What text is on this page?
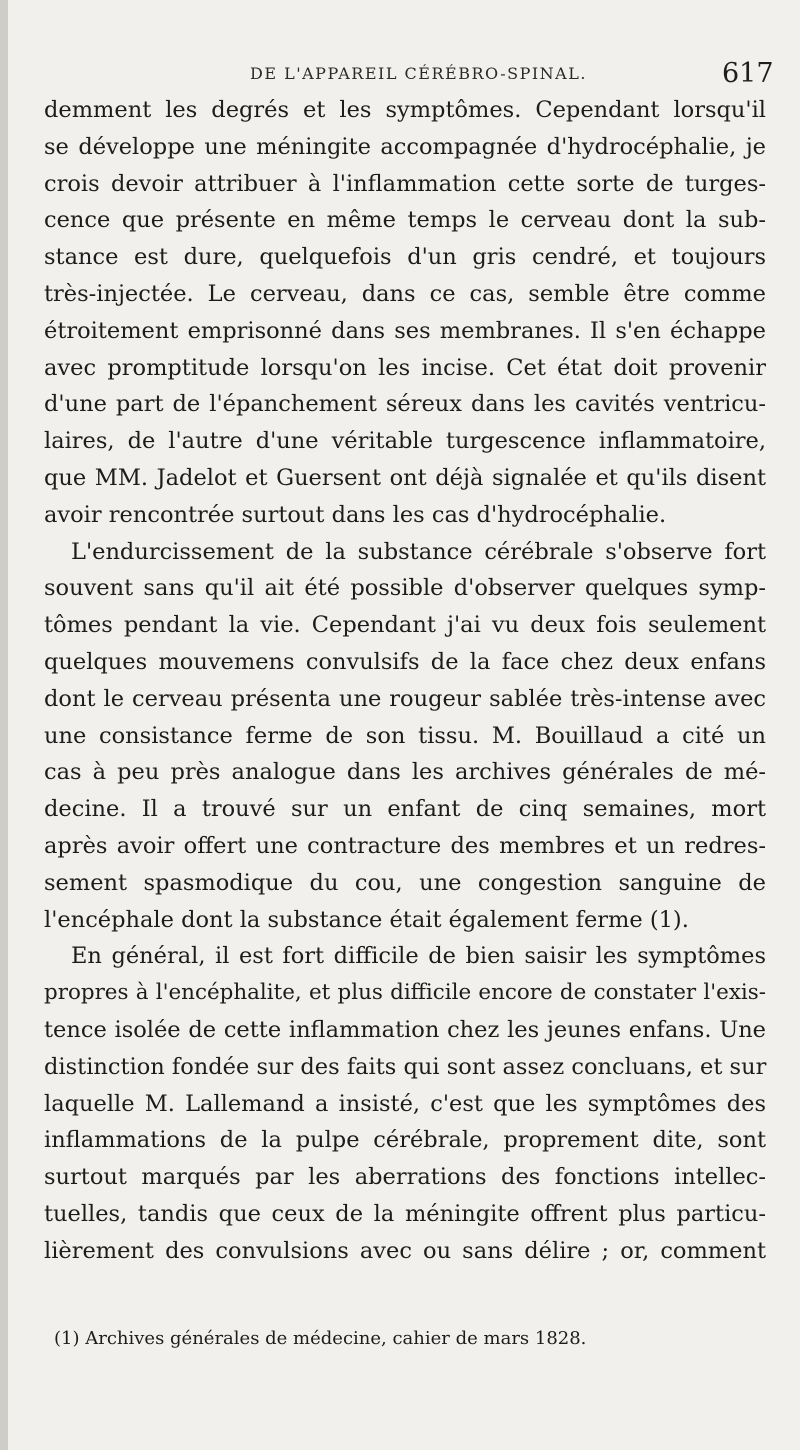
DE L'APPAREIL CÉRÉBRO-SPINAL.	617
demment les degrés et les symptômes. Cependant lorsqu'il
se développe une méningite accompagnée d'hydrocéphalie, je
crois devoir attribuer à l'inflammation cette sorte de turges-
cence que présente en même temps le cerveau dont la sub-
stance est dure, quelquefois d'un gris cendré, et toujours
très-injectée. Le cerveau, dans ce cas, semble être comme
étroitement emprisonné dans ses membranes. Il s'en échappe
avec promptitude lorsqu'on les incise. Cet état doit provenir
d'une part de l'épanchement séreux dans les cavités ventricu-
laires, de l'autre d'une véritable turgescence inflammatoire,
que MM. Jadelot et Guersent ont déjà signalée et qu'ils disent
avoir rencontrée surtout dans les cas d'hydrocéphalie.
L'endurcissement de la substance cérébrale s'observe fort
souvent sans qu'il ait été possible d'observer quelques symp-
tômes pendant la vie. Cependant j'ai vu deux fois seulement
quelques mouvemens convulsifs de la face chez deux enfans
dont le cerveau présenta une rougeur sablée très-intense avec
une consistance ferme de son tissu. M. Bouillaud a cité un
cas à peu près analogue dans les archives générales de mé-
decine. Il a trouvé sur un enfant de cinq semaines, mort
après avoir offert une contracture des membres et un redres-
sement spasmodique du cou, une congestion sanguine de
l'encéphale dont la substance était également ferme (1).
En général, il est fort difficile de bien saisir les symptômes
propres à l'encéphalite, et plus difficile encore de constater l'exis-
tence isolée de cette inflammation chez les jeunes enfans. Une
distinction fondée sur des faits qui sont assez concluans, et sur
laquelle M. Lallemand a insisté, c'est que les symptômes des
inflammations de la pulpe cérébrale, proprement dite, sont
surtout marqués par les aberrations des fonctions intellec-
tuelles, tandis que ceux de la méningite offrent plus particu-
lièrement des convulsions avec ou sans délire ; or, comment
(1) Archives générales de médecine, cahier de mars 1828.
